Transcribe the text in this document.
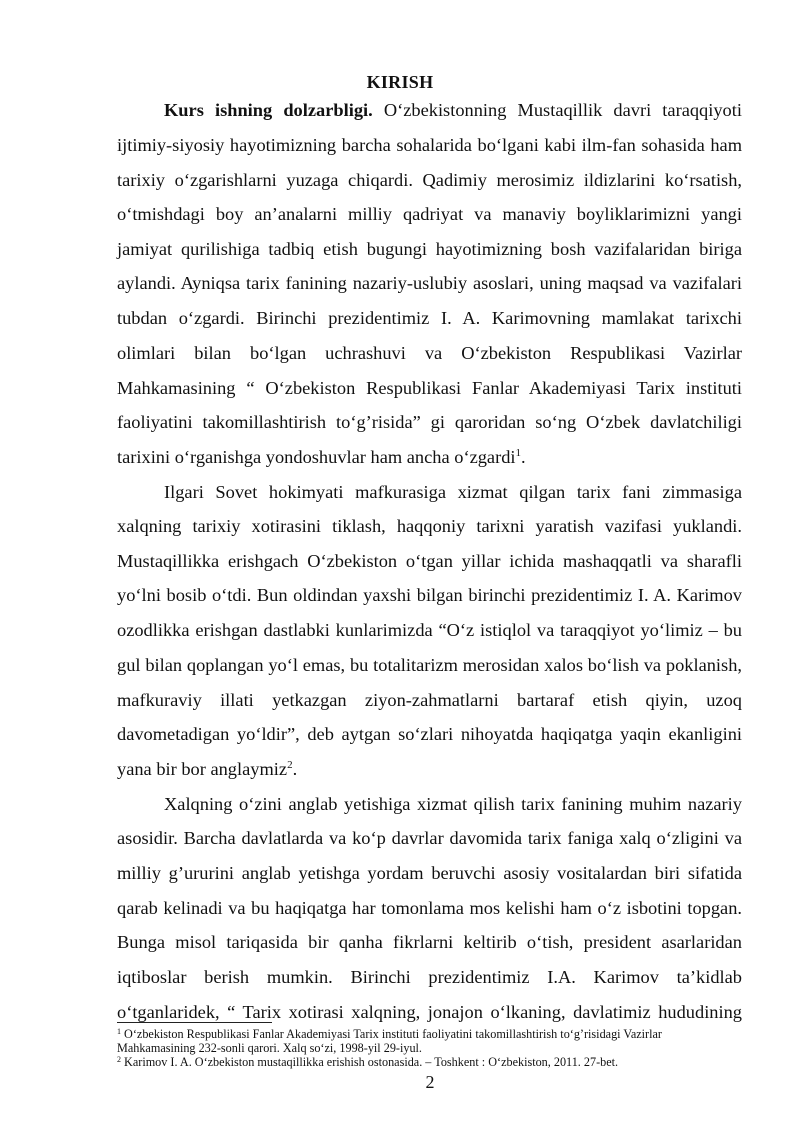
KIRISH
Kurs ishning dolzarbligi. O‘zbekistonning Mustaqillik davri taraqqiyoti
ijtimiy-siyosiy hayotimizning barcha sohalarida bo‘lgani kabi ilm-fan sohasida ham
tarixiy o‘zgarishlarni yuzaga chiqardi. Qadimiy merosimiz ildizlarini ko‘rsatish,
o‘tmishdagi boy an’analarni milliy qadriyat va manaviy boyliklarimizni yangi
jamiyat qurilishiga tadbiq etish bugungi hayotimizning bosh vazifalaridan biriga
aylandi. Ayniqsa tarix fanining nazariy-uslubiy asoslari, uning maqsad va vazifalari
tubdan o‘zgardi. Birinchi prezidentimiz I. A. Karimovning mamlakat tarixchi
olimlari bilan bo‘lgan uchrashuvi va O‘zbekiston Respublikasi Vazirlar
Mahkamasining “ O‘zbekiston Respublikasi Fanlar Akademiyasi Tarix instituti
faoliyatini takomillashtirish to‘g’risida” gi qaroridan so‘ng O‘zbek davlatchiligi
tarixini o‘rganishga yondoshuvlar ham ancha o‘zgardi$^1$.
Ilgari Sovet hokimyati mafkurasiga xizmat qilgan tarix fani zimmasiga
xalqning tarixiy xotirasini tiklash, haqqoniy tarixni yaratish vazifasi yuklandi.
Mustaqillikka erishgach O‘zbekiston o‘tgan yillar ichida mashaqqatli va sharafli
yo‘lni bosib o‘tdi. Bun oldindan yaxshi bilgan birinchi prezidentimiz I. A. Karimov
ozodlikka erishgan dastlabki kunlarimizda “O‘z istiqlol va taraqqiyot yo‘limiz – bu
gul bilan qoplangan yo‘l emas, bu totalitarizm merosidan xalos bo‘lish va poklanish,
mafkuraviy illati yetkazgan ziyon-zahmatlarni bartaraf etish qiyin, uzoq
davometadigan yo‘ldir”, deb aytgan so‘zlari nihoyatda haqiqatga yaqin ekanligini
yana bir bor anglaymiz$^2$.
Xalqning o‘zini anglab yetishiga xizmat qilish tarix fanining muhim nazariy
asosidir. Barcha davlatlarda va ko‘p davrlar davomida tarix faniga xalq o‘zligini va
milliy g’ururini anglab yetishga yordam beruvchi asosiy vositalardan biri sifatida
qarab kelinadi va bu haqiqatga har tomonlama mos kelishi ham o‘z isbotini topgan.
Bunga misol tariqasida bir qanha fikrlarni keltirib o‘tish, president asarlaridan
iqtiboslar berish mumkin. Birinchi prezidentimiz I.A. Karimov ta’kidlab
o‘tganlaridek, “ Tarix xotirasi xalqning, jonajon o‘lkaning, davlatimiz hududining
$^1$ O‘zbekiston Respublikasi Fanlar Akademiyasi Tarix instituti faoliyatini takomillashtirish to‘g’risidagi Vazirlar
Mahkamasining 232-sonli qarori. Xalq so‘zi, 1998-yil 29-iyul.
$^2$ Karimov I. A. O‘zbekiston mustaqillikka erishish ostonasida. – Toshkent : O‘zbekiston, 2011. 27-bet.
2
